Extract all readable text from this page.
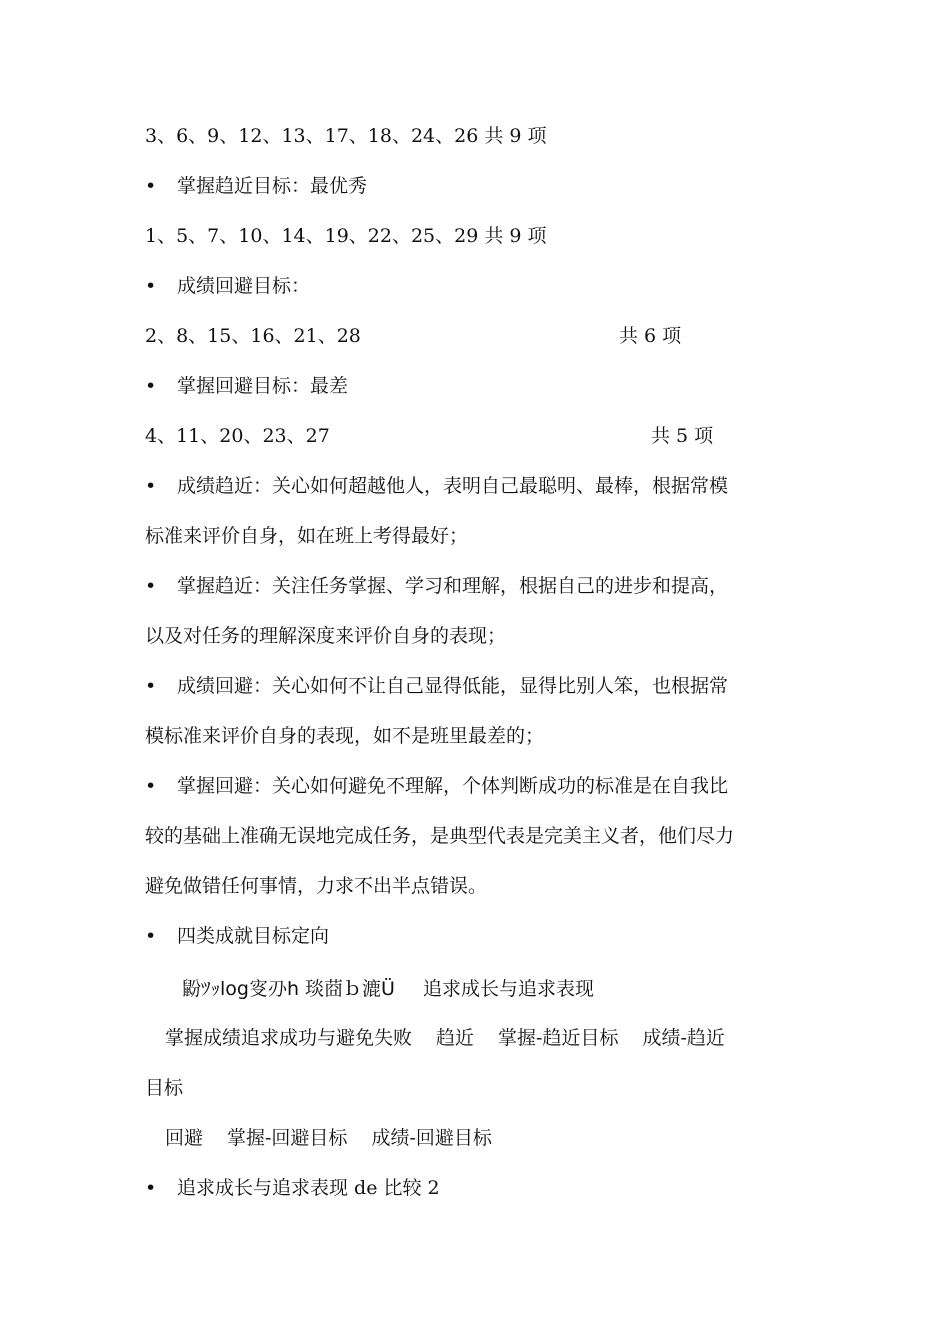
3、6、9、12、13、17、18、24、26 共 9 项
•	掌握趋近目标：最优秀
1、5、7、10、14、19、22、25、29 共 9 项
•	成绩回避目标：
2、8、15、16、21、28	共 6 项
•	掌握回避目标：最差
4、11、20、23、27	共 5 项
•	成绩趋近：关心如何超越他人，表明自己最聪明、最棒，根据常模
标准来评价自身，如在班上考得最好；
•	掌握趋近：关注任务掌握、学习和理解，根据自己的进步和提高，
以及对任务的理解深度来评价自身的表现；
•	成绩回避：关心如何不让自己显得低能，显得比别人笨，也根据常
模标准来评价自身的表现，如不是班里最差的；
•	掌握回避：关心如何避免不理解，个体判断成功的标准是在自我比
较的基础上准确无误地完成任务，是典型代表是完美主义者，他们尽力
避免做错任何事情，力求不出半点错误。
•	四类成就目标定向
鼢ﾂｯlog叜刅h 琰莔ｂ漉Ü 追求成长与追求表现
掌握成绩追求成功与避免失败 趋近 掌握-趋近目标 成绩-趋近
目标
回避 掌握-回避目标 成绩-回避目标
•	追求成长与追求表现 de 比较 2
